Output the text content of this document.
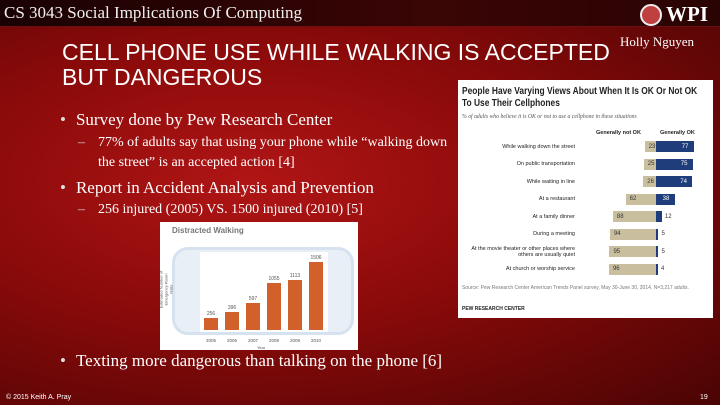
CS 3043 Social Implications Of Computing	WPI
Holly Nguyen
CELL PHONE USE WHILE WALKING IS ACCEPTED BUT DANGEROUS
• Survey done by Pew Research Center
– 77% of adults say that using your phone while “walking down the street” is an accepted action [4]
• Report in Accident Analysis and Prevention
– 256 injured (2005) VS. 1500 injured (2010) [5]
• Texting more dangerous than talking on the phone [6]
People Have Varying Views About When It Is OK Or Not OK To Use Their Cellphones
% of adults who believe it is OK or not to use a cellphone in these situations
Generally not OK	Generally OK
While walking down the street	23	77
On public transportation	25	75
While waiting in line	26	74
At a restaurant	62	38
At a family dinner	88	12
During a meeting	94	5
At the movie theater or other places where others are usually quiet	95	5
At church or worship service	96	4
Source: Pew Research Center American Trends Panel survey, May 30-June 30, 2014. N=3,217 adults.
PEW RESEARCH CENTER
Distracted Walking
256
2005
396
2006
597
2007
1055
2008
1113
2009
1506
2010
Estimated Number of Emergency Room Visits
Year
© 2015 Keith A. Pray	19
